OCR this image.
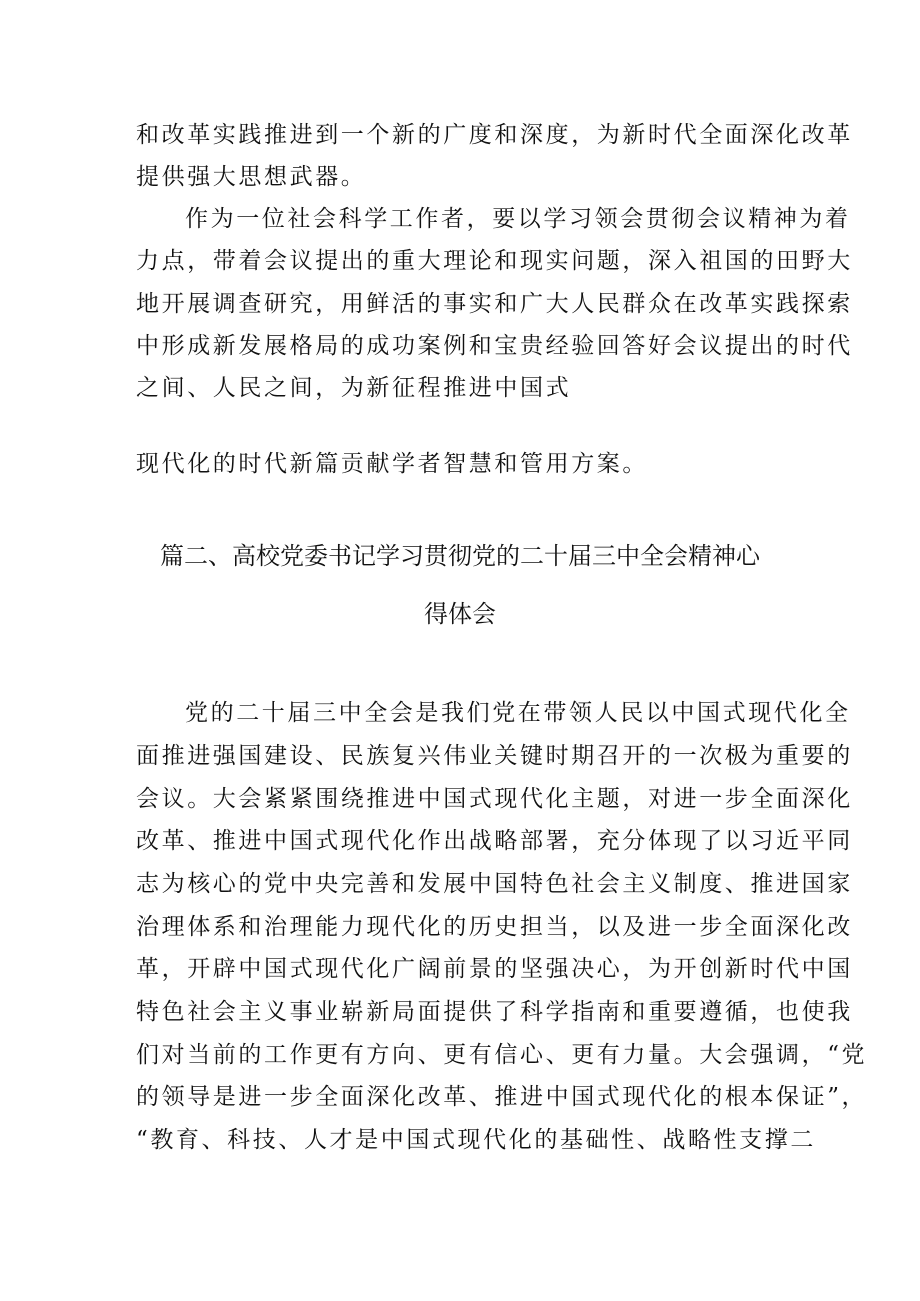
和改革实践推进到一个新的广度和深度，为新时代全面深化改革
提供强大思想武器。
作为一位社会科学工作者，要以学习领会贯彻会议精神为着
力点，带着会议提出的重大理论和现实问题，深入祖国的田野大
地开展调查研究，用鲜活的事实和广大人民群众在改革实践探索
中形成新发展格局的成功案例和宝贵经验回答好会议提出的时代
之间、人民之间，为新征程推进中国式
现代化的时代新篇贡献学者智慧和管用方案。
篇二、高校党委书记学习贯彻党的二十届三中全会精神心
得体会
党的二十届三中全会是我们党在带领人民以中国式现代化全
面推进强国建设、民族复兴伟业关键时期召开的一次极为重要的
会议。大会紧紧围绕推进中国式现代化主题，对进一步全面深化
改革、推进中国式现代化作出战略部署，充分体现了以习近平同
志为核心的党中央完善和发展中国特色社会主义制度、推进国家
治理体系和治理能力现代化的历史担当，以及进一步全面深化改
革，开辟中国式现代化广阔前景的坚强决心，为开创新时代中国
特色社会主义事业崭新局面提供了科学指南和重要遵循，也使我
们对当前的工作更有方向、更有信心、更有力量。大会强调，“党
的领导是进一步全面深化改革、推进中国式现代化的根本保证”，
“教育、科技、人才是中国式现代化的基础性、战略性支撑二
